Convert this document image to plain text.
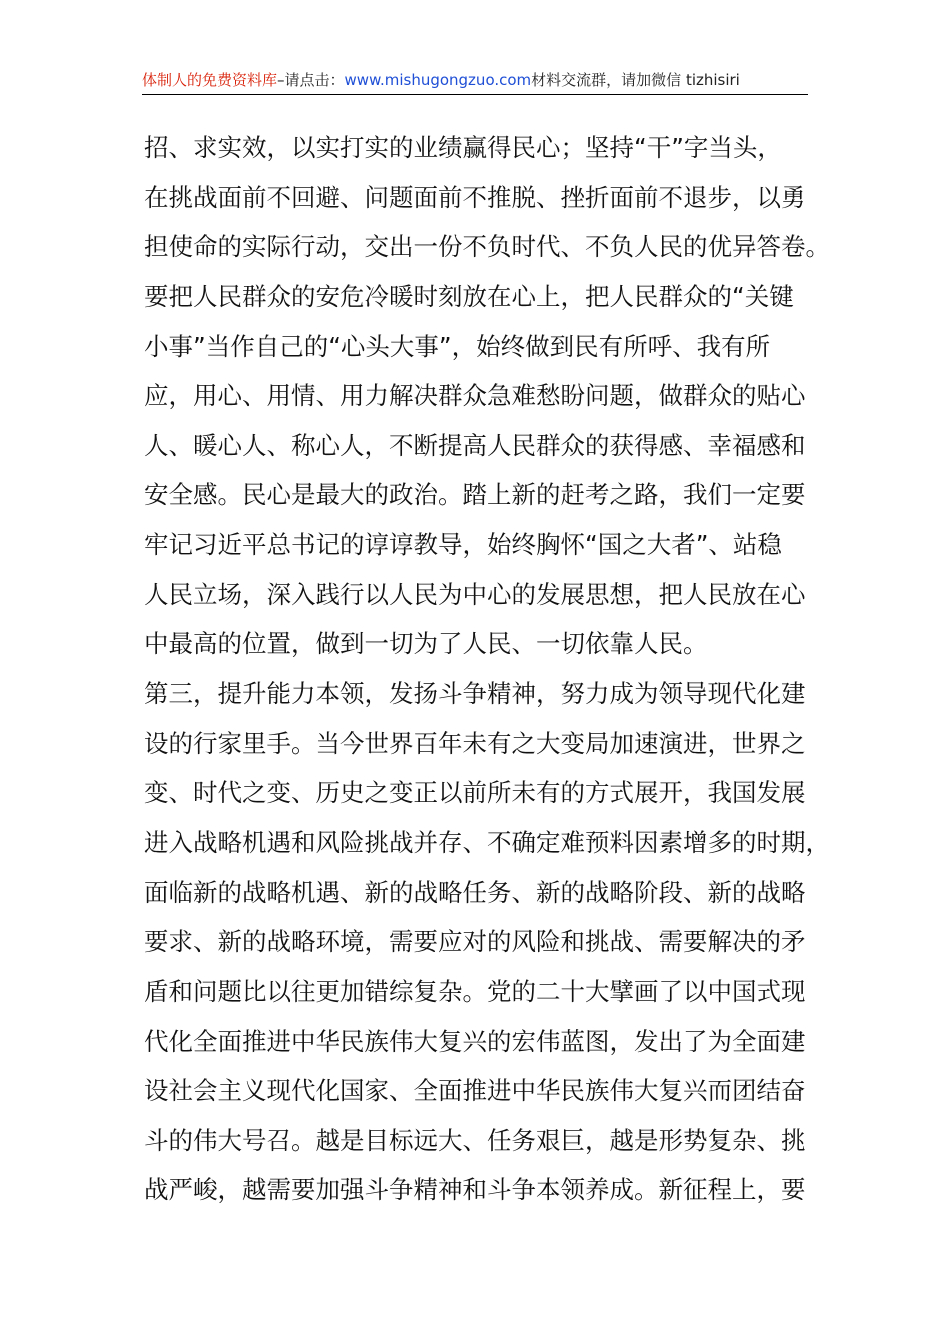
体制人的免费资料库–请点击：www.mishugongzuo.com材料交流群，请加微信 tizhisiri
招、求实效，以实打实的业绩赢得民心；坚持“干”字当头，
在挑战面前不回避、问题面前不推脱、挫折面前不退步，以勇
担使命的实际行动，交出一份不负时代、不负人民的优异答卷。
要把人民群众的安危冷暖时刻放在心上，把人民群众的“关键
小事”当作自己的“心头大事”，始终做到民有所呼、我有所
应，用心、用情、用力解决群众急难愁盼问题，做群众的贴心
人、暖心人、称心人，不断提高人民群众的获得感、幸福感和
安全感。民心是最大的政治。踏上新的赶考之路，我们一定要
牢记习近平总书记的谆谆教导，始终胸怀“国之大者”、站稳
人民立场，深入践行以人民为中心的发展思想，把人民放在心
中最高的位置，做到一切为了人民、一切依靠人民。
第三，提升能力本领，发扬斗争精神，努力成为领导现代化建
设的行家里手。当今世界百年未有之大变局加速演进，世界之
变、时代之变、历史之变正以前所未有的方式展开，我国发展
进入战略机遇和风险挑战并存、不确定难预料因素增多的时期，
面临新的战略机遇、新的战略任务、新的战略阶段、新的战略
要求、新的战略环境，需要应对的风险和挑战、需要解决的矛
盾和问题比以往更加错综复杂。党的二十大擘画了以中国式现
代化全面推进中华民族伟大复兴的宏伟蓝图，发出了为全面建
设社会主义现代化国家、全面推进中华民族伟大复兴而团结奋
斗的伟大号召。越是目标远大、任务艰巨，越是形势复杂、挑
战严峻，越需要加强斗争精神和斗争本领养成。新征程上，要
